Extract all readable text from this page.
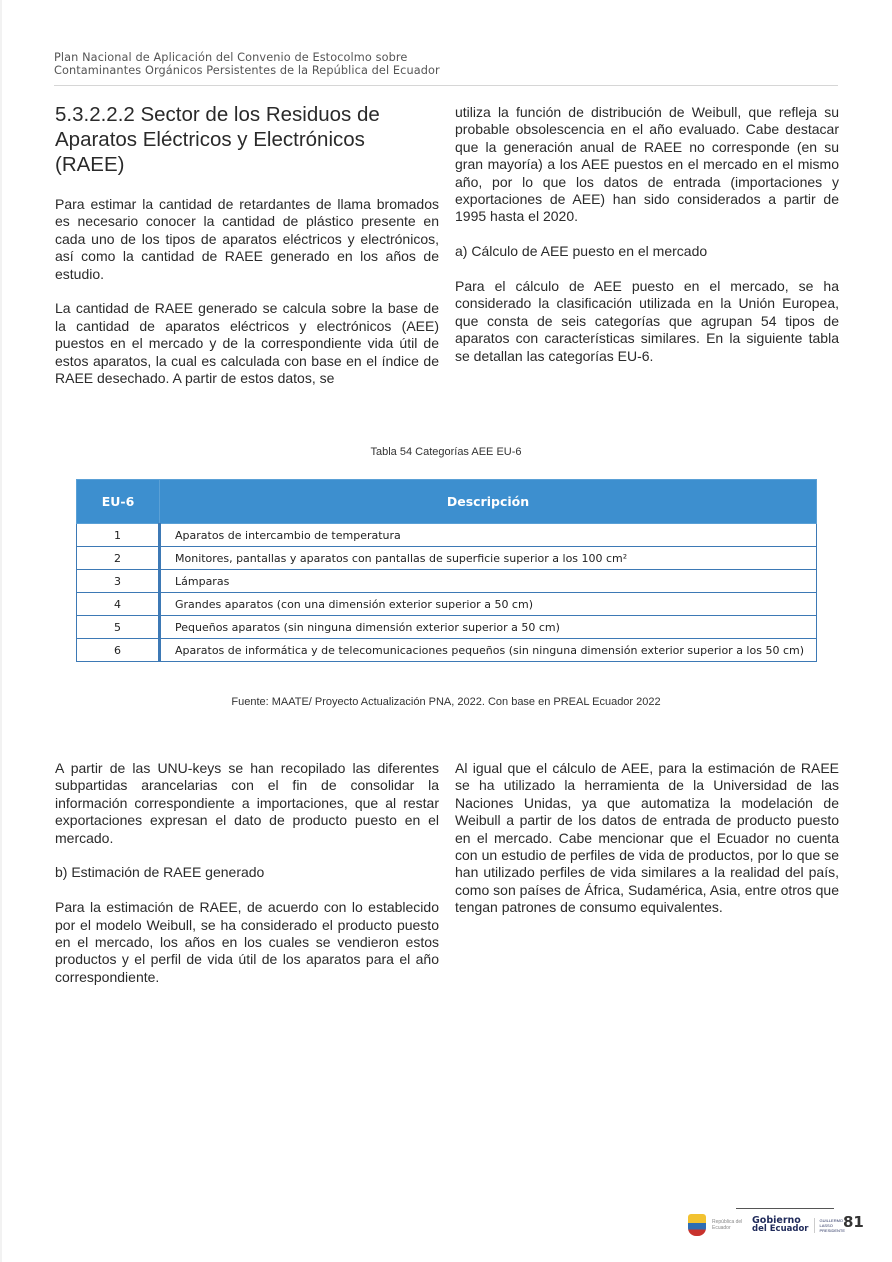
Plan Nacional de Aplicación del Convenio de Estocolmo sobre
Contaminantes Orgánicos Persistentes de la República del Ecuador
5.3.2.2.2 Sector de los Residuos de Aparatos Eléctricos y Electrónicos (RAEE)

Para estimar la cantidad de retardantes de llama bromados es necesario conocer la cantidad de plástico presente en cada uno de los tipos de aparatos eléctricos y electrónicos, así como la cantidad de RAEE generado en los años de estudio.

La cantidad de RAEE generado se calcula sobre la base de la cantidad de aparatos eléctricos y electrónicos (AEE) puestos en el mercado y de la correspondiente vida útil de estos aparatos, la cual es calculada con base en el índice de RAEE desechado. A partir de estos datos, se

utiliza la función de distribución de Weibull, que refleja su probable obsolescencia en el año evaluado. Cabe destacar que la generación anual de RAEE no corresponde (en su gran mayoría) a los AEE puestos en el mercado en el mismo año, por lo que los datos de entrada (importaciones y exportaciones de AEE) han sido considerados a partir de 1995 hasta el 2020.

a) Cálculo de AEE puesto en el mercado

Para el cálculo de AEE puesto en el mercado, se ha considerado la clasificación utilizada en la Unión Europea, que consta de seis categorías que agrupan 54 tipos de aparatos con características similares. En la siguiente tabla se detallan las categorías EU-6.

Tabla 54 Categorías AEE EU-6
EU-6	Descripción
1	Aparatos de intercambio de temperatura
2	Monitores, pantallas y aparatos con pantallas de superficie superior a los 100 cm²
3	Lámparas
4	Grandes aparatos (con una dimensión exterior superior a 50 cm)
5	Pequeños aparatos (sin ninguna dimensión exterior superior a 50 cm)
6	Aparatos de informática y de telecomunicaciones pequeños (sin ninguna dimensión exterior superior a los 50 cm)
Fuente: MAATE/ Proyecto Actualización PNA, 2022. Con base en PREAL Ecuador 2022

A partir de las UNU-keys se han recopilado las diferentes subpartidas arancelarias con el fin de consolidar la información correspondiente a importaciones, que al restar exportaciones expresan el dato de producto puesto en el mercado.

b) Estimación de RAEE generado

Para la estimación de RAEE, de acuerdo con lo establecido por el modelo Weibull, se ha considerado el producto puesto en el mercado, los años en los cuales se vendieron estos productos y el perfil de vida útil de los aparatos para el año correspondiente.

Al igual que el cálculo de AEE, para la estimación de RAEE se ha utilizado la herramienta de la Universidad de las Naciones Unidas, ya que automatiza la modelación de Weibull a partir de los datos de entrada de producto puesto en el mercado. Cabe mencionar que el Ecuador no cuenta con un estudio de perfiles de vida de productos, por lo que se han utilizado perfiles de vida similares a la realidad del país, como son países de África, Sudamérica, Asia, entre otros que tengan patrones de consumo equivalentes.

República del Ecuador
Gobierno
del Ecuador
GUILLERMO LASSO PRESIDENTE
81
